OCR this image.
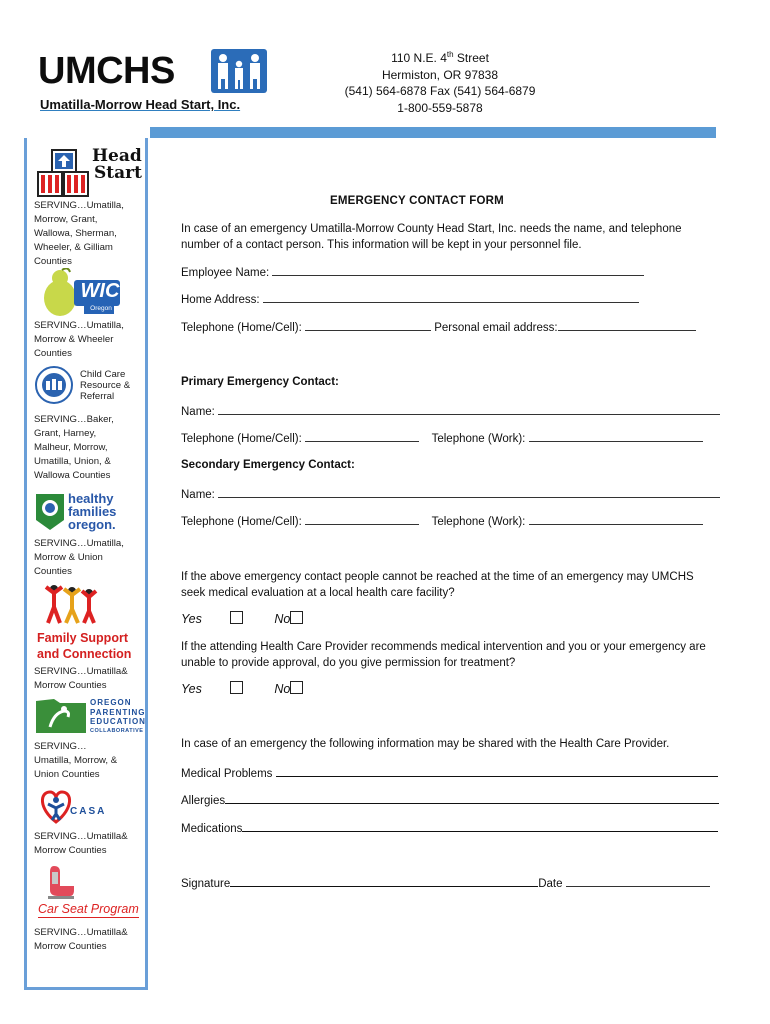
UMCHS
Umatilla-Morrow Head Start, Inc.
110 N.E. 4th Street
Hermiston, OR 97838
(541) 564-6878 Fax (541) 564-6879
1-800-559-5878
Head
Start
SERVING…Umatilla,
Morrow, Grant,
Wallowa, Sherman,
Wheeler, & Gilliam
Counties
WIC
Oregon
SERVING…Umatilla,
Morrow & Wheeler
Counties
Child Care
Resource &
Referral
SERVING…Baker,
Grant, Harney,
Malheur, Morrow,
Umatilla, Union, &
Wallowa Counties
healthy
families
oregon.
SERVING…Umatilla,
Morrow & Union
Counties
Family Support
and Connection
SERVING…Umatilla&
Morrow Counties
OREGON
PARENTING
EDUCATION
COLLABORATIVE
SERVING…
Umatilla, Morrow, &
Union Counties
CASA
SERVING…Umatilla&
Morrow Counties
Car Seat Program
SERVING…Umatilla&
Morrow Counties
EMERGENCY CONTACT FORM
In case of an emergency Umatilla-Morrow County Head Start, Inc. needs the name, and telephone number of a contact person. This information will be kept in your personnel file.
Employee Name:
Home Address:
Telephone (Home/Cell):	Personal email address:
Primary Emergency Contact:
Name:
Telephone (Home/Cell):	Telephone (Work):
Secondary Emergency Contact:
Name:
Telephone (Home/Cell):	Telephone (Work):
If the above emergency contact people cannot be reached at the time of an emergency may UMCHS seek medical evaluation at a local health care facility?
Yes	No
If the attending Health Care Provider recommends medical intervention and you or your emergency are unable to provide approval, do you give permission for treatment?
Yes	No
In case of an emergency the following information may be shared with the Health Care Provider.
Medical Problems
Allergies
Medications
Signature	Date
